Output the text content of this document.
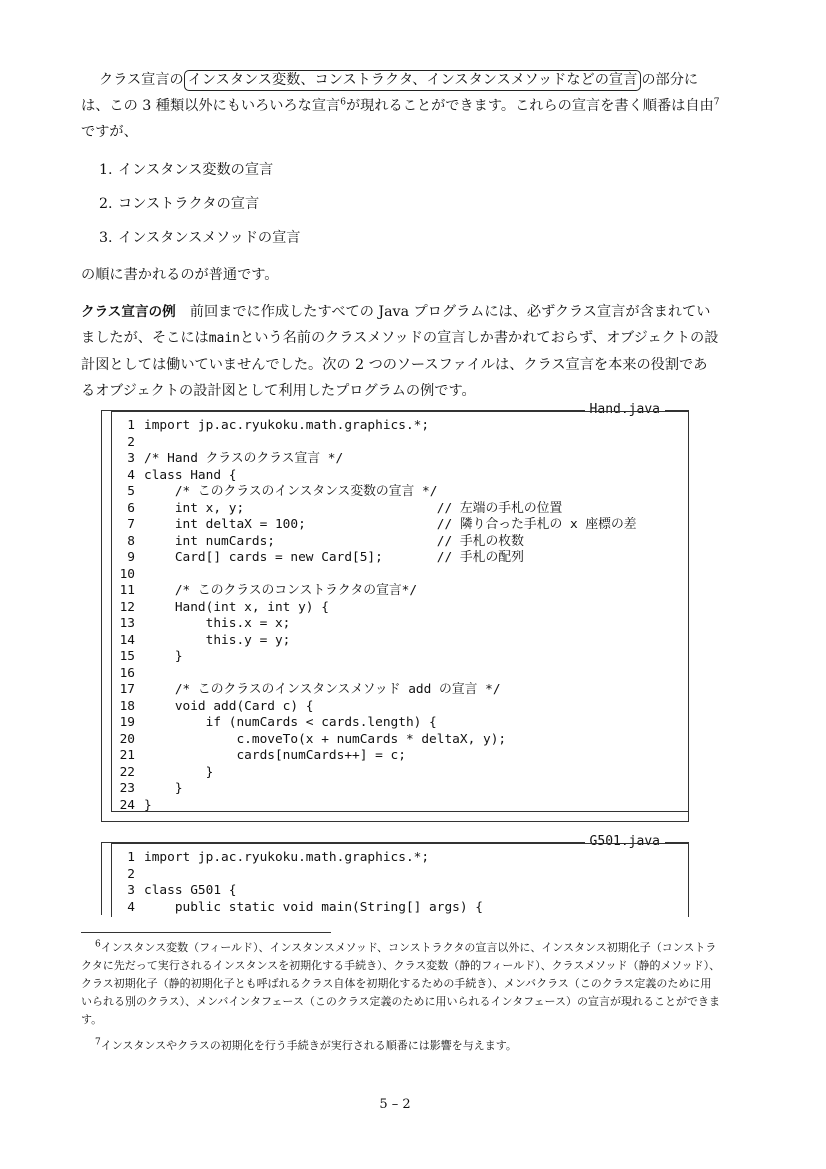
クラス宣言の インスタンス変数、コンストラクタ、インスタンスメソッドなどの宣言 の部分には、この 3 種類以外にもいろいろな宣言$^6$が現れることができます。これらの宣言を書く順番は自由$^7$ですが、

1. インスタンス変数の宣言
2. コンストラクタの宣言
3. インスタンスメソッドの宣言

の順に書かれるのが普通です。

クラス宣言の例 前回までに作成したすべての Java プログラムには、必ずクラス宣言が含まれていましたが、そこにはmainという名前のクラスメソッドの宣言しか書かれておらず、オブジェクトの設計図としては働いていませんでした。次の 2 つのソースファイルは、クラス宣言を本来の役割であるオブジェクトの設計図として利用したプログラムの例です。

Hand.java
1 import jp.ac.ryukoku.math.graphics.*;
2
3 /* Hand クラスのクラス宣言 */
4 class Hand {
5    /* このクラスのインスタンス変数の宣言 */
6    int x, y;                         // 左端の手札の位置
7    int deltaX = 100;                 // 隣り合った手札の x 座標の差
8    int numCards;                     // 手札の枚数
9    Card[] cards = new Card[5];       // 手札の配列
10
11    /* このクラスのコンストラクタの宣言*/
12    Hand(int x, int y) {
13        this.x = x;
14        this.y = y;
15    }
16
17    /* このクラスのインスタンスメソッド add の宣言 */
18    void add(Card c) {
19        if (numCards < cards.length) {
20            c.moveTo(x + numCards * deltaX, y);
21            cards[numCards++] = c;
22        }
23    }
24 }
G501.java
1 import jp.ac.ryukoku.math.graphics.*;
2
3 class G501 {
4    public static void main(String[] args) {

$^6$インスタンス変数（フィールド）、インスタンスメソッド、コンストラクタの宣言以外に、インスタンス初期化子（コンストラクタに先だって実行されるインスタンスを初期化する手続き）、クラス変数（静的フィールド）、クラスメソッド（静的メソッド）、クラス初期化子（静的初期化子とも呼ばれるクラス自体を初期化するための手続き）、メンバクラス（このクラス定義のために用いられる別のクラス）、メンバインタフェース（このクラス定義のために用いられるインタフェース）の宣言が現れることができます。

$^7$インスタンスやクラスの初期化を行う手続きが実行される順番には影響を与えます。

5 – 2
